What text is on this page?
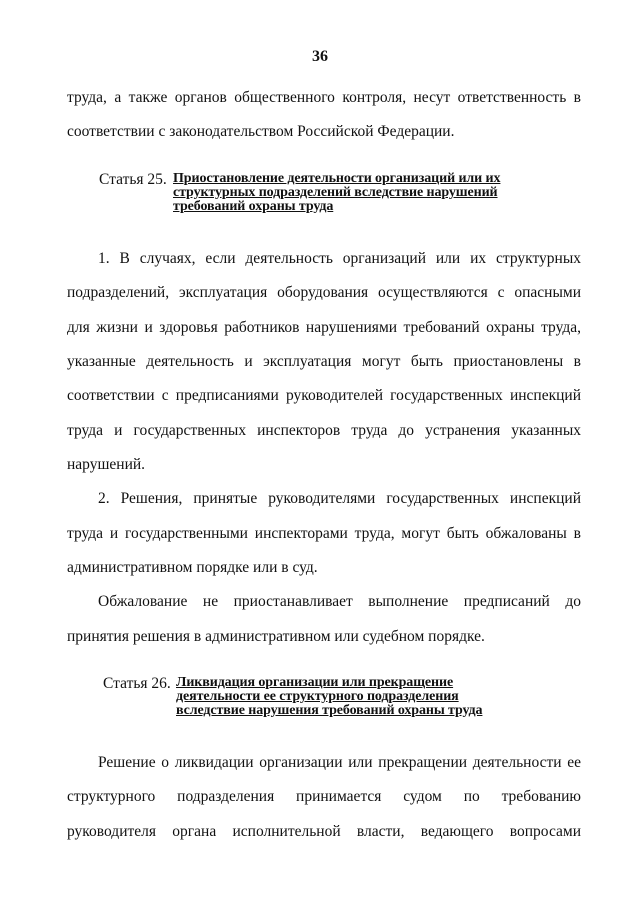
36
труда, а также органов общественного контроля, несут ответственность в
соответствии с законодательством Российской Федерации.
Статья 25. Приостановление деятельности организаций или их
структурных подразделений вследствие нарушений
требований охраны труда
1. В случаях, если деятельность организаций или их структурных
подразделений, эксплуатация оборудования осуществляются с опасными
для жизни и здоровья работников нарушениями требований охраны труда,
указанные деятельность и эксплуатация могут быть приостановлены в
соответствии с предписаниями руководителей государственных инспекций
труда и государственных инспекторов труда до устранения указанных
нарушений.
2. Решения, принятые руководителями государственных инспекций
труда и государственными инспекторами труда, могут быть обжалованы в
административном порядке или в суд.
Обжалование не приостанавливает выполнение предписаний до
принятия решения в административном или судебном порядке.
Статья 26. Ликвидация организации или прекращение
деятельности ее структурного подразделения
вследствие нарушения требований охраны труда
Решение о ликвидации организации или прекращении деятельности ее
структурного подразделения принимается судом по требованию
руководителя органа исполнительной власти, ведающего вопросами
